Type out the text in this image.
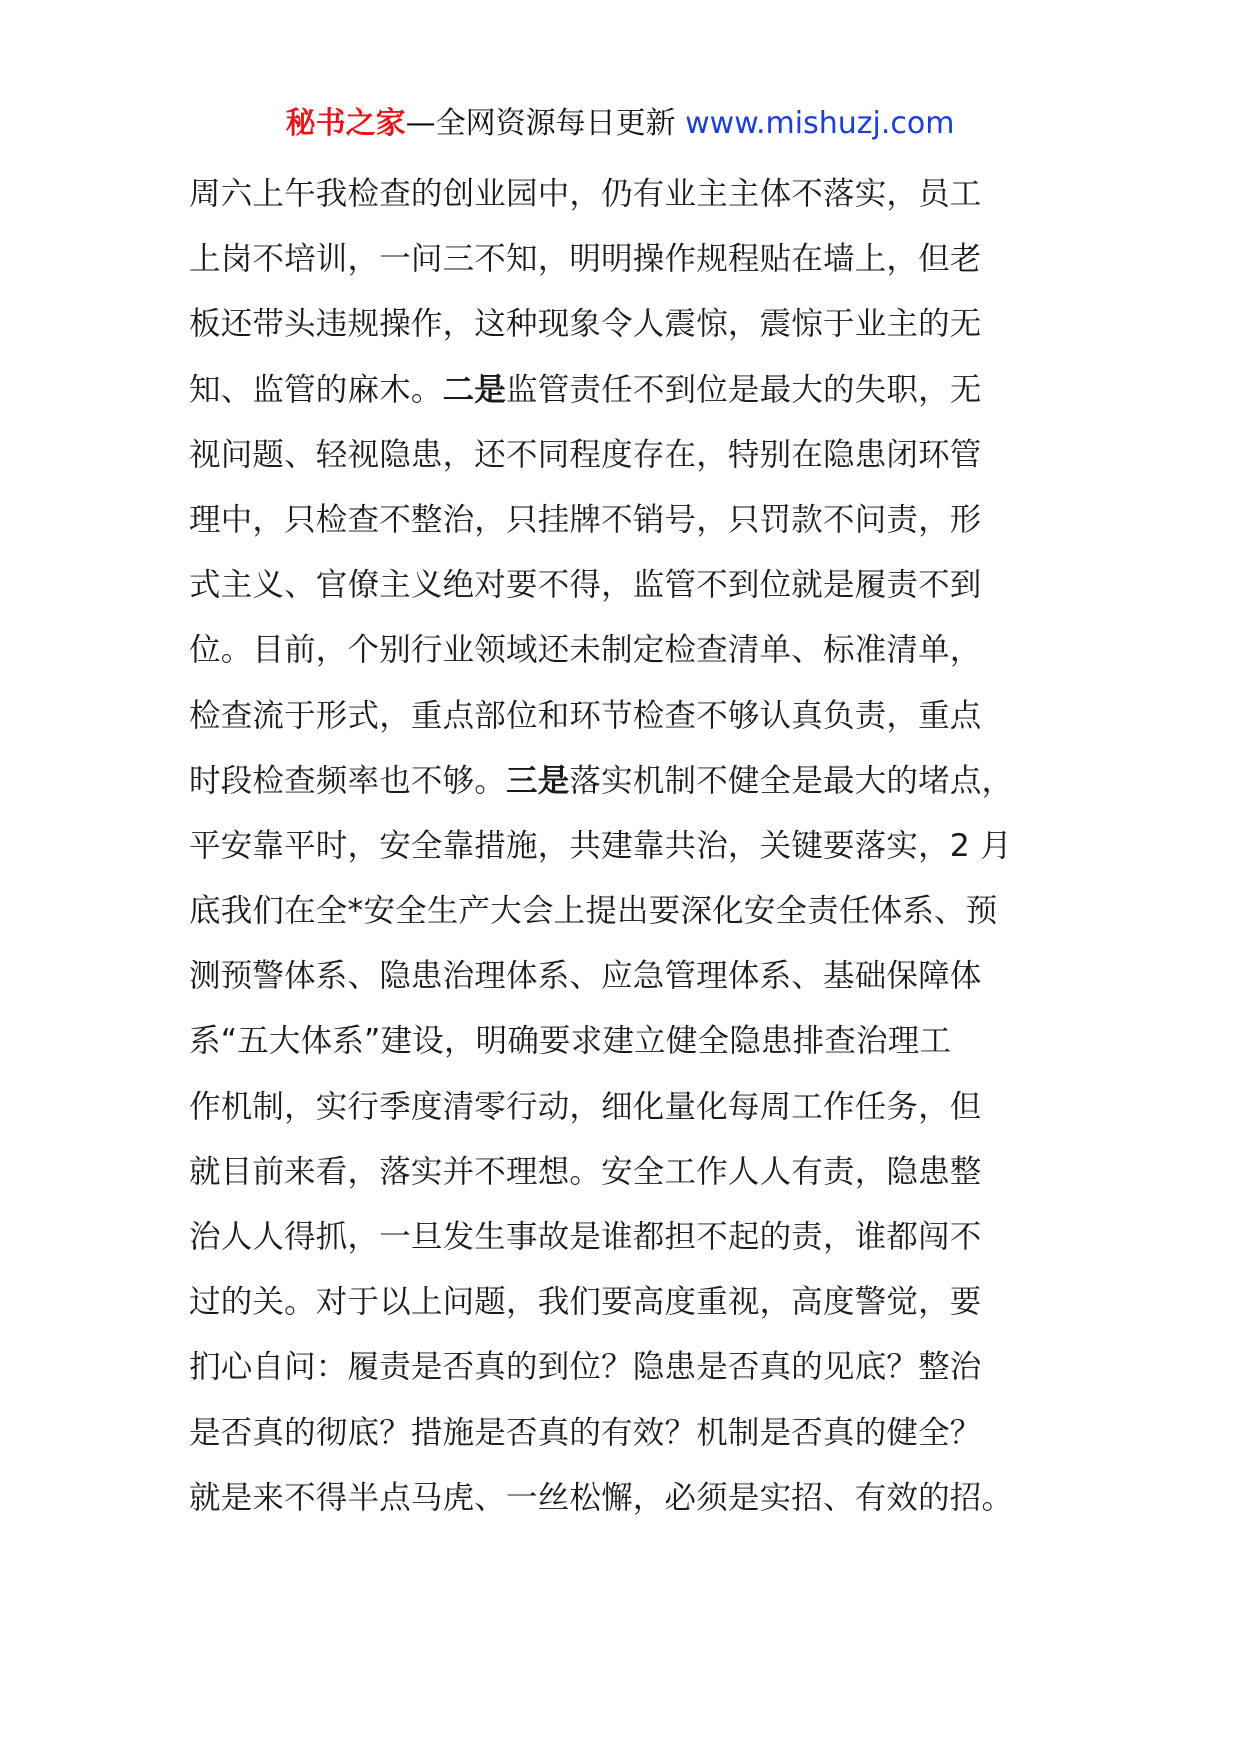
秘书之家—全网资源每日更新 www.mishuzj.com
周六上午我检查的创业园中，仍有业主主体不落实，员工
上岗不培训，一问三不知，明明操作规程贴在墙上，但老
板还带头违规操作，这种现象令人震惊，震惊于业主的无
知、监管的麻木。二是监管责任不到位是最大的失职，无
视问题、轻视隐患，还不同程度存在，特别在隐患闭环管
理中，只检查不整治，只挂牌不销号，只罚款不问责，形
式主义、官僚主义绝对要不得，监管不到位就是履责不到
位。目前，个别行业领域还未制定检查清单、标准清单，
检查流于形式，重点部位和环节检查不够认真负责，重点
时段检查频率也不够。三是落实机制不健全是最大的堵点，
平安靠平时，安全靠措施，共建靠共治，关键要落实，2 月
底我们在全*安全生产大会上提出要深化安全责任体系、预
测预警体系、隐患治理体系、应急管理体系、基础保障体
系“五大体系”建设，明确要求建立健全隐患排查治理工
作机制，实行季度清零行动，细化量化每周工作任务，但
就目前来看，落实并不理想。安全工作人人有责，隐患整
治人人得抓，一旦发生事故是谁都担不起的责，谁都闯不
过的关。对于以上问题，我们要高度重视，高度警觉，要
扪心自问：履责是否真的到位？隐患是否真的见底？整治
是否真的彻底？措施是否真的有效？机制是否真的健全？
就是来不得半点马虎、一丝松懈，必须是实招、有效的招。
